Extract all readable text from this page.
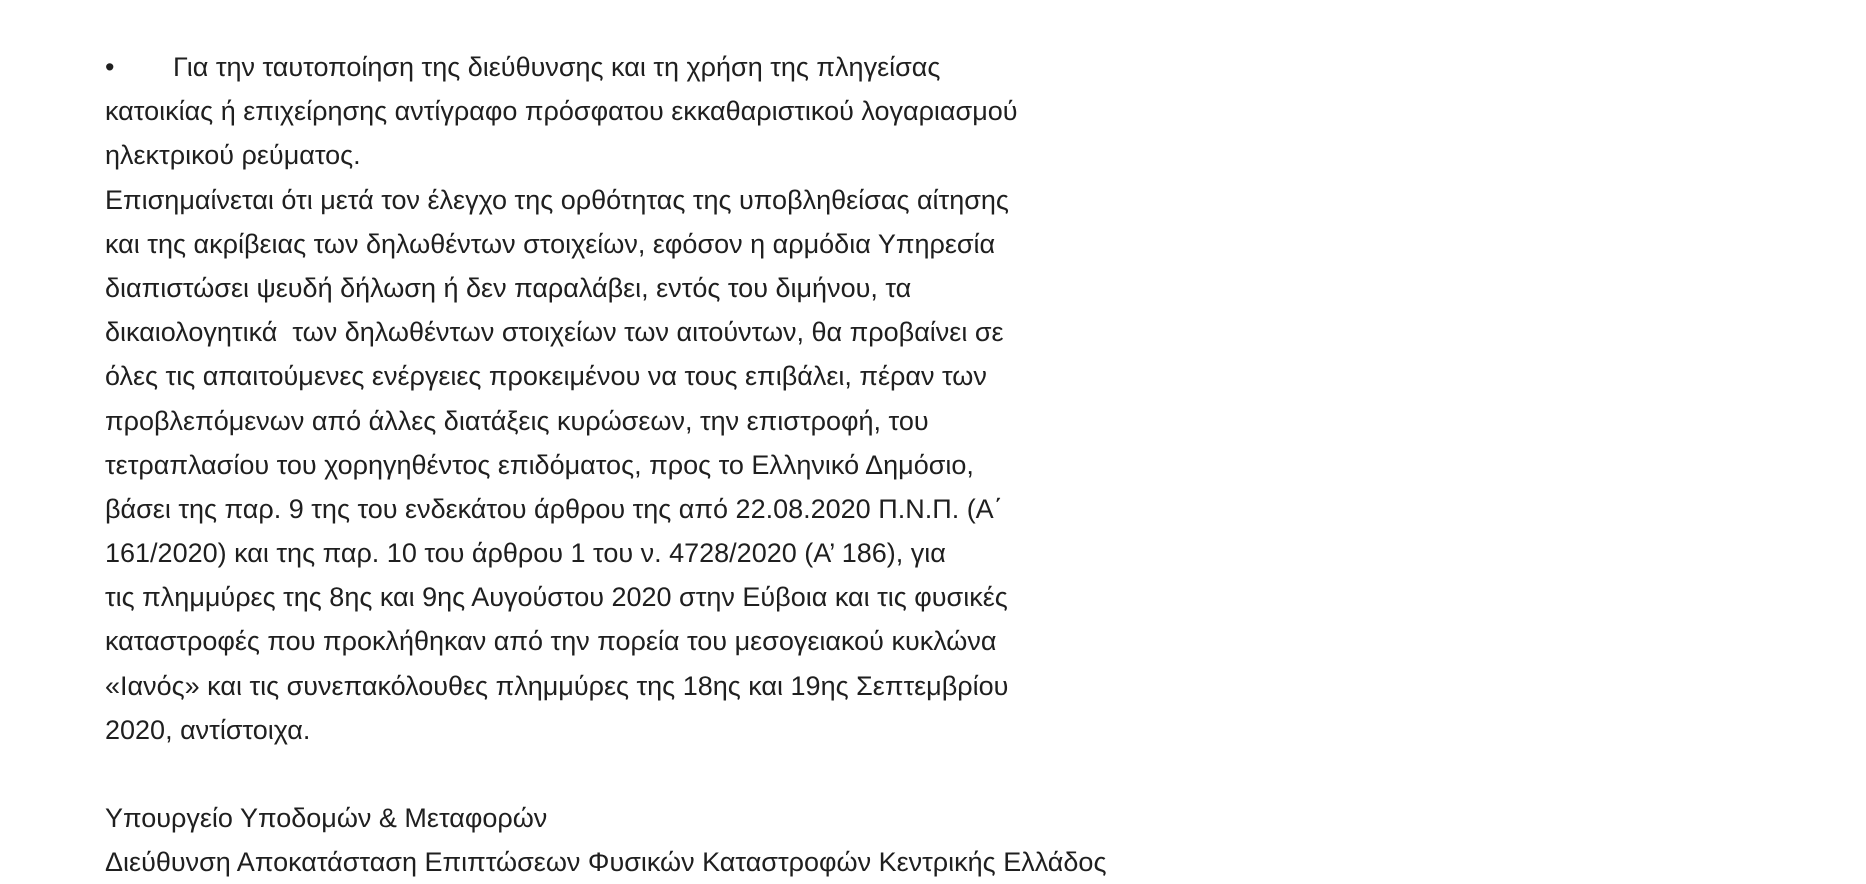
•	Για την ταυτοποίηση της διεύθυνσης και τη χρήση της πληγείσας
κατοικίας ή επιχείρησης αντίγραφο πρόσφατου εκκαθαριστικού λογαριασμού
ηλεκτρικού ρεύματος.
Επισημαίνεται ότι μετά τον έλεγχο της ορθότητας της υποβληθείσας αίτησης
και της ακρίβειας των δηλωθέντων στοιχείων, εφόσον η αρμόδια Υπηρεσία
διαπιστώσει ψευδή δήλωση ή δεν παραλάβει, εντός του διμήνου, τα
δικαιολογητικά  των δηλωθέντων στοιχείων των αιτούντων, θα προβαίνει σε
όλες τις απαιτούμενες ενέργειες προκειμένου να τους επιβάλει, πέραν των
προβλεπόμενων από άλλες διατάξεις κυρώσεων, την επιστροφή, του
τετραπλασίου του χορηγηθέντος επιδόματος, προς το Ελληνικό Δημόσιο,
βάσει της παρ. 9 της του ενδεκάτου άρθρου της από 22.08.2020 Π.Ν.Π. (Α΄
161/2020) και της παρ. 10 του άρθρου 1 του ν. 4728/2020 (Α’ 186), για
τις πλημμύρες της 8ης και 9ης Αυγούστου 2020 στην Εύβοια και τις φυσικές
καταστροφές που προκλήθηκαν από την πορεία του μεσογειακού κυκλώνα
«Ιανός» και τις συνεπακόλουθες πλημμύρες της 18ης και 19ης Σεπτεμβρίου
2020, αντίστοιχα.
Υπουργείο Υποδομών & Μεταφορών
Διεύθυνση Αποκατάσταση Επιπτώσεων Φυσικών Καταστροφών Κεντρικής Ελλάδος
